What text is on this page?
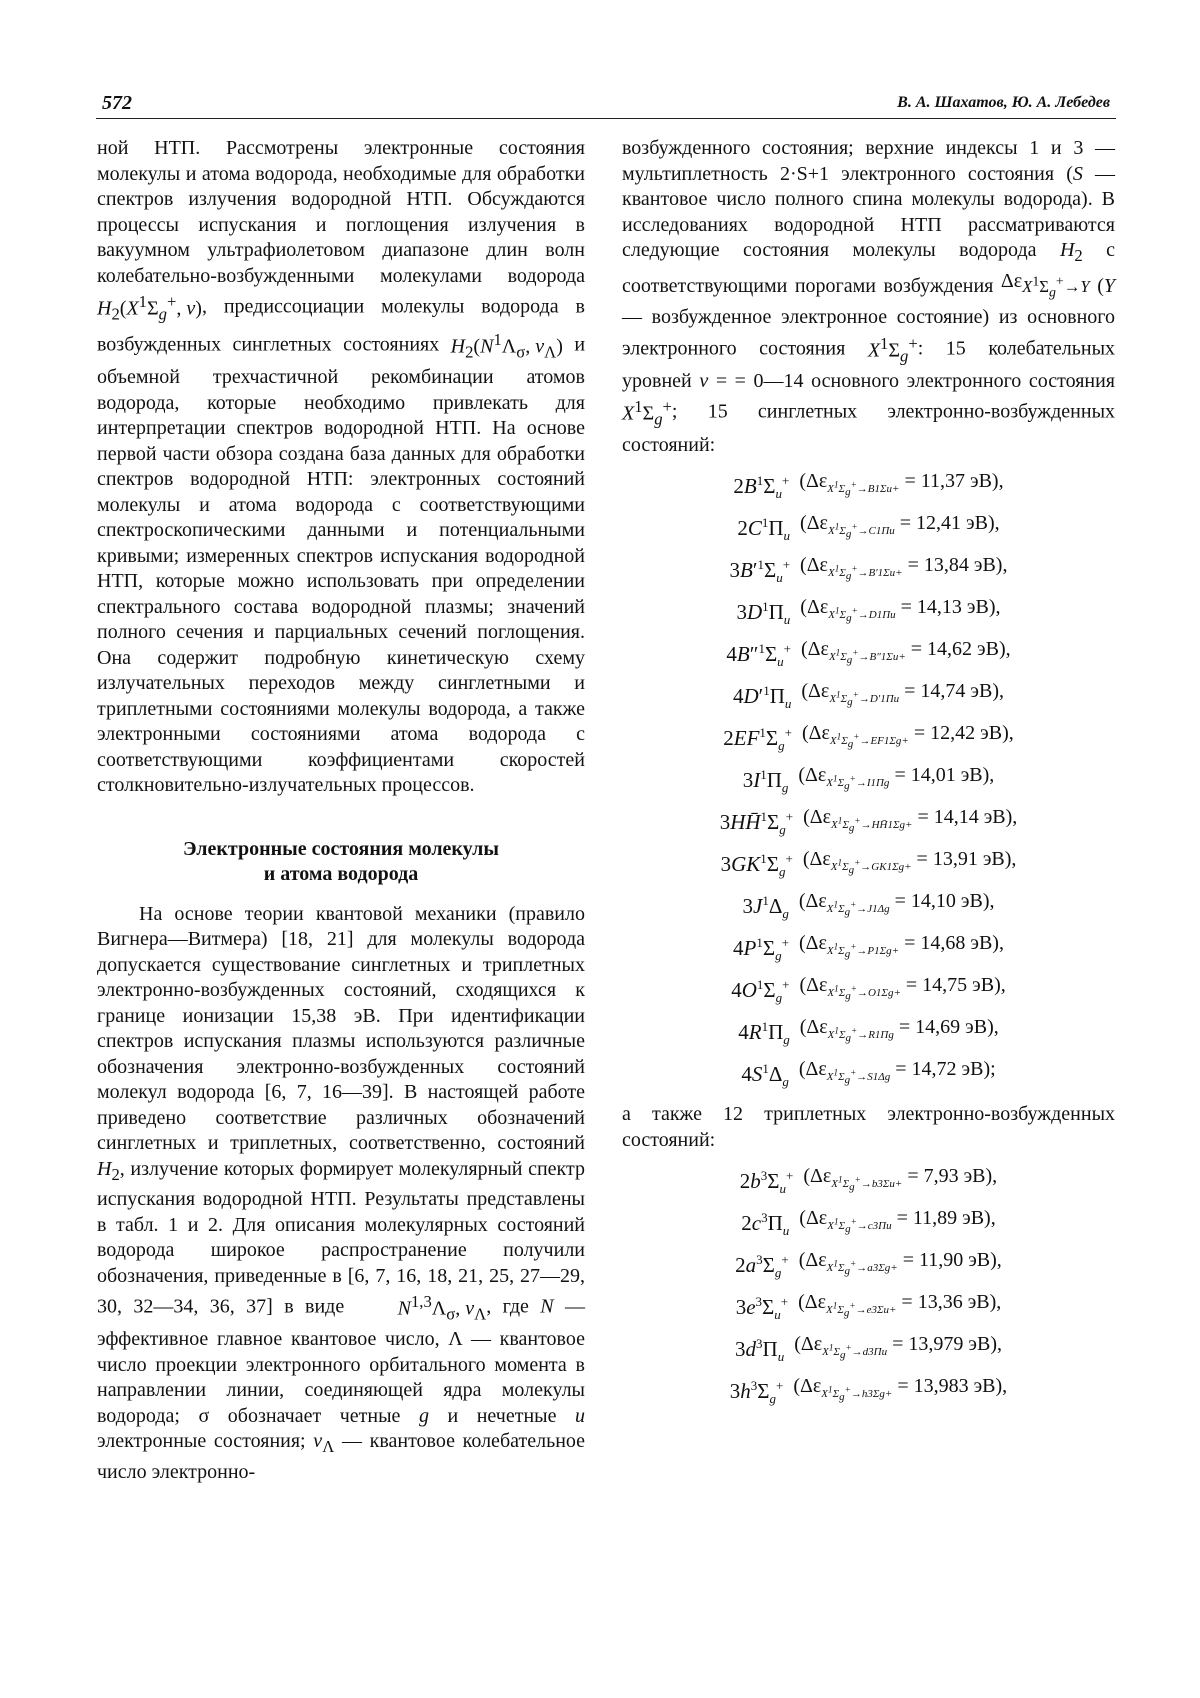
572	В. А. Шахатов, Ю. А. Лебедев

ной НТП. Рассмотрены электронные состояния молекулы и атома водорода, необходимые для обработки спектров излучения водородной НТП. Обсуждаются процессы испускания и поглощения излучения в вакуумном ультрафиолетовом диапазоне длин волн колебательно-возбужденными молекулами водорода $H_2(X^1\Sigma_g^+$, v), предиссоциации молекулы водорода в возбужденных синглетных состояниях $H_2(N^1\Lambda_\sigma$, $v_\Lambda$) и объемной трехчастичной рекомбинации атомов водорода, которые необходимо привлекать для интерпретации спектров водородной НТП. На основе первой части обзора создана база данных для обработки спектров водородной НТП: электронных состояний молекулы и атома водорода с соответствующими спектроскопическими данными и потенциальными кривыми; измеренных спектров испускания водородной НТП, которые можно использовать при определении спектрального состава водородной плазмы; значений полного сечения и парциальных сечений поглощения. Она содержит подробную кинетическую схему излучательных переходов между синглетными и триплетными состояниями молекулы водорода, а также электронными состояниями атома водорода с соответствующими коэффициентами скоростей столкновительно-излучательных процессов.

Электронные состояния молекулы
и атома водорода

На основе теории квантовой механики (правило Вигнера—Витмера) [18, 21] для молекулы водорода допускается существование синглетных и триплетных электронно-возбужденных состояний, сходящихся к границе ионизации 15,38 эВ. При идентификации спектров испускания плазмы используются различные обозначения электронно-возбужденных состояний молекул водорода [6, 7, 16—39]. В настоящей работе приведено соответствие различных обозначений синглетных и триплетных, соответственно, состояний $H_2$, излучение которых формирует молекулярный спектр испускания водородной НТП. Результаты представлены в табл. 1 и 2. Для описания молекулярных состояний водорода широкое распространение получили обозначения, приведенные в [6, 7, 16, 18, 21, 25, 27—29, 30, 32—34, 36, 37] в виде	$N^{1,3}\Lambda_\sigma$, $v_\Lambda$, где N — эффективное главное квантовое число, Λ — квантовое число проекции электронного орбитального момента в направлении линии, соединяющей ядра молекулы водорода; σ обозначает четные g и нечетные u электронные состояния; $v_\Lambda$ — квантовое колебательное число электронно-

возбужденного состояния; верхние индексы 1 и 3 — мультиплетность 2·S+1 электронного состояния (S — квантовое число полного спина молекулы водорода). В исследованиях водородной НТП рассматриваются следующие состояния молекулы водорода $H_2$ с соответствующими порогами возбуждения $\Delta\varepsilon_{X^1\Sigma_g^+\to Y}$ (Y — возбужденное электронное состояние) из основного электронного состояния $X^1\Sigma_g^+$: 15 колебательных уровней v = = 0—14 основного электронного состояния $X^1\Sigma_g^+$; 15 синглетных электронно-возбужденных состояний:

$2B^1\Sigma_u^+$ ($\Delta\varepsilon_{X^1\Sigma_g^+\to B1\Sigma u+} = 11,37$ эВ),
$2C^1\Pi_u$
($\Delta\varepsilon_{X^1\Sigma_g^+\to C1\Pi u} = 12,41$ эВ),
$3B'^1\Sigma_u^+$ ($\Delta\varepsilon_{X^1\Sigma_g^+\to B'1\Sigma u+} = 13,84$ эВ),
$3D^1\Pi_u$
($\Delta\varepsilon_{X^1\Sigma_g^+\to D1\Pi u} = 14,13$ эВ),
$4B''^1\Sigma_u^+$ ($\Delta\varepsilon_{X^1\Sigma_g^+\to B''1\Sigma u+} = 14,62$ эВ),
$4D'^1\Pi_u$
($\Delta\varepsilon_{X^1\Sigma_g^+\to D'1\Pi u} = 14,74$ эВ),
$2EF^1\Sigma_g^+$ ($\Delta\varepsilon_{X^1\Sigma_g^+\to EF1\Sigma g+} = 12,42$ эВ),
$3I^1\Pi_g$
($\Delta\varepsilon_{X^1\Sigma_g^+\to I1\Pi g} = 14,01$ эВ),
$3HH̄^1\Sigma_g^+$ ($\Delta\varepsilon_{X^1\Sigma_g^+\to HH̄1\Sigma g+} = 14,14$ эВ),
$3GK^1\Sigma_g^+$ ($\Delta\varepsilon_{X^1\Sigma_g^+\to GK1\Sigma g+} = 13,91$ эВ),
$3J^1\Delta_g$
($\Delta\varepsilon_{X^1\Sigma_g^+\to J1\Delta g} = 14,10$ эВ),
$4P^1\Sigma_g^+$ ($\Delta\varepsilon_{X^1\Sigma_g^+\to P1\Sigma g+} = 14,68$ эВ),
$4O^1\Sigma_g^+$ ($\Delta\varepsilon_{X^1\Sigma_g^+\to O1\Sigma g+} = 14,75$ эВ),
$4R^1\Pi_g$
($\Delta\varepsilon_{X^1\Sigma_g^+\to R1\Pi g} = 14,69$ эВ),
$4S^1\Delta_g$
($\Delta\varepsilon_{X^1\Sigma_g^+\to S1\Delta g} = 14,72$ эВ);

а также 12 триплетных электронно-возбужденных состояний:

$2b^3\Sigma_u^+$ ($\Delta\varepsilon_{X^1\Sigma_g^+\to b3\Sigma u+} = 7,93$ эВ),
$2c^3\Pi_u$
($\Delta\varepsilon_{X^1\Sigma_g^+\to c3\Pi u} = 11,89$ эВ),
$2a^3\Sigma_g^+$ ($\Delta\varepsilon_{X^1\Sigma_g^+\to a3\Sigma g+} = 11,90$ эВ),
$3e^3\Sigma_u^+$ ($\Delta\varepsilon_{X^1\Sigma_g^+\to e3\Sigma u+} = 13,36$ эВ),
$3d^3\Pi_u$
($\Delta\varepsilon_{X^1\Sigma_g^+\to d3\Pi u} = 13,979$ эВ),
$3h^3\Sigma_g^+$ ($\Delta\varepsilon_{X^1\Sigma_g^+\to h3\Sigma g+} = 13,983$ эВ),
